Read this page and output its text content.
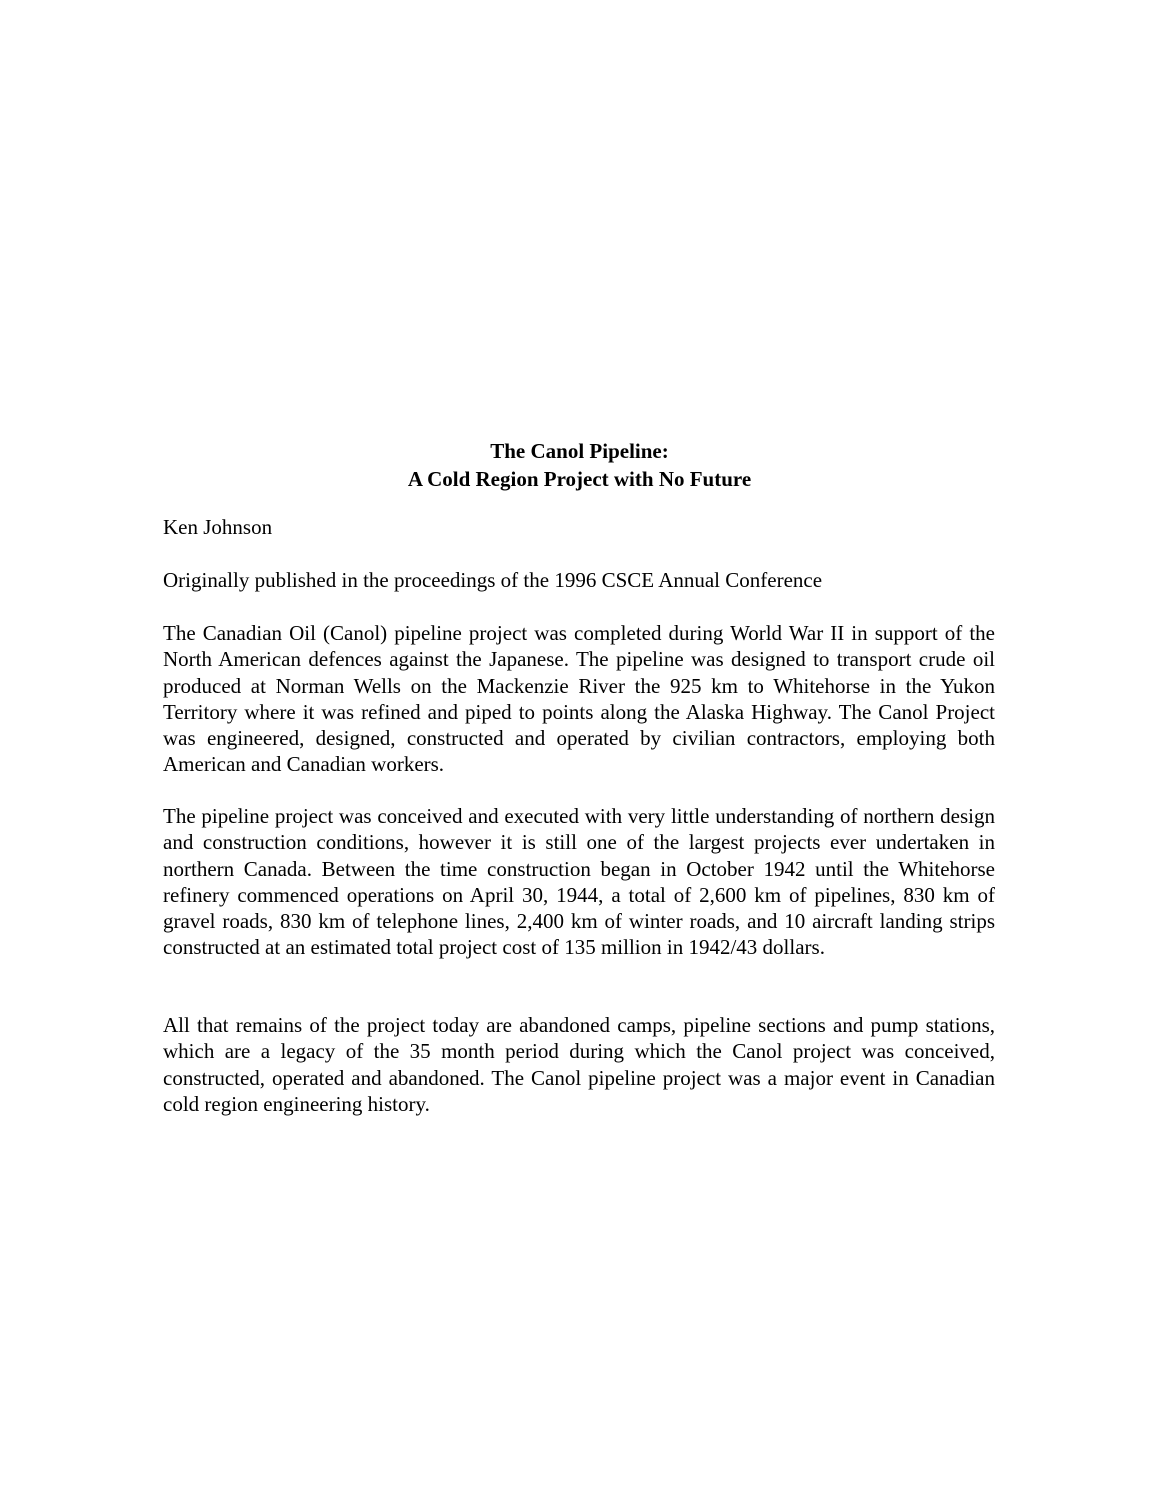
The Canol Pipeline:
A Cold Region Project with No Future
Ken Johnson
Originally published in the proceedings of the 1996 CSCE Annual Conference
The Canadian Oil (Canol) pipeline project was completed during World War II in support of the North American defences against the Japanese. The pipeline was designed to transport crude oil produced at Norman Wells on the Mackenzie River the 925 km to Whitehorse in the Yukon Territory where it was refined and piped to points along the Alaska Highway. The Canol Project was engineered, designed, constructed and operated by civilian contractors, employing both American and Canadian workers.
The pipeline project was conceived and executed with very little understanding of northern design and construction conditions, however it is still one of the largest projects ever undertaken in northern Canada. Between the time construction began in October 1942 until the Whitehorse refinery commenced operations on April 30, 1944, a total of 2,600 km of pipelines, 830 km of gravel roads, 830 km of telephone lines, 2,400 km of winter roads, and 10 aircraft landing strips constructed at an estimated total project cost of 135 million in 1942/43 dollars.
All that remains of the project today are abandoned camps, pipeline sections and pump stations, which are a legacy of the 35 month period during which the Canol project was conceived, constructed, operated and abandoned. The Canol pipeline project was a major event in Canadian cold region engineering history.
